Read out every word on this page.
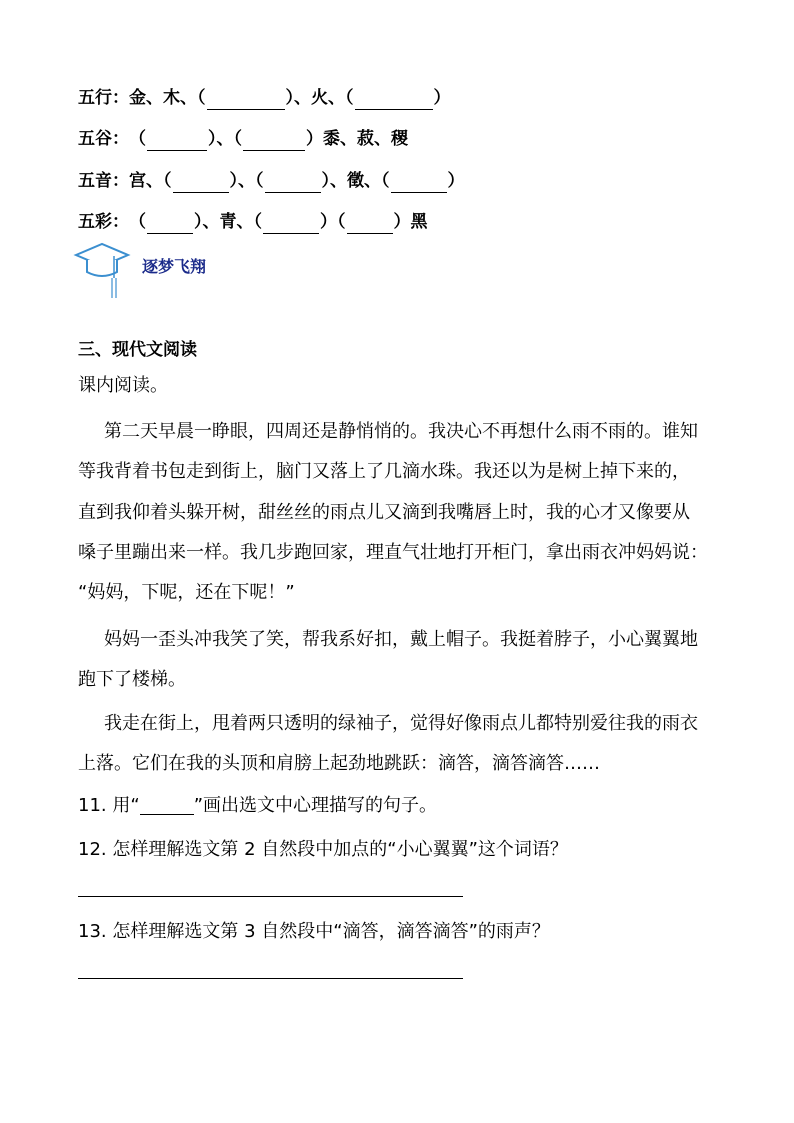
五行： 金、木、（	）、火、（	）
五谷： （	）、（	）黍、菽、稷
五音： 宫、（	）、（	）、徵、（	）
五彩： （	）、青、（	）（	）黑
逐梦飞翔
三、现代文阅读
课内阅读。
第二天早晨一睁眼，四周还是静悄悄的。我决心不再想什么雨不雨的。谁知
等我背着书包走到街上，脑门又落上了几滴水珠。我还以为是树上掉下来的，
直到我仰着头躲开树，甜丝丝的雨点儿又滴到我嘴唇上时，我的心才又像要从
嗓子里蹦出来一样。我几步跑回家，理直气壮地打开柜门，拿出雨衣冲妈妈说：
“妈妈，下呢，还在下呢！”
妈妈一歪头冲我笑了笑，帮我系好扣，戴上帽子。我挺着脖子，小心翼翼地
跑下了楼梯。
我走在街上，甩着两只透明的绿袖子，觉得好像雨点儿都特别爱往我的雨衣
上落。它们在我的头顶和肩膀上起劲地跳跃：滴答，滴答滴答……
11. 用“	”画出选文中心理描写的句子。
12. 怎样理解选文第 2 自然段中加点的“小心翼翼”这个词语？
13. 怎样理解选文第 3 自然段中“滴答，滴答滴答”的雨声？
